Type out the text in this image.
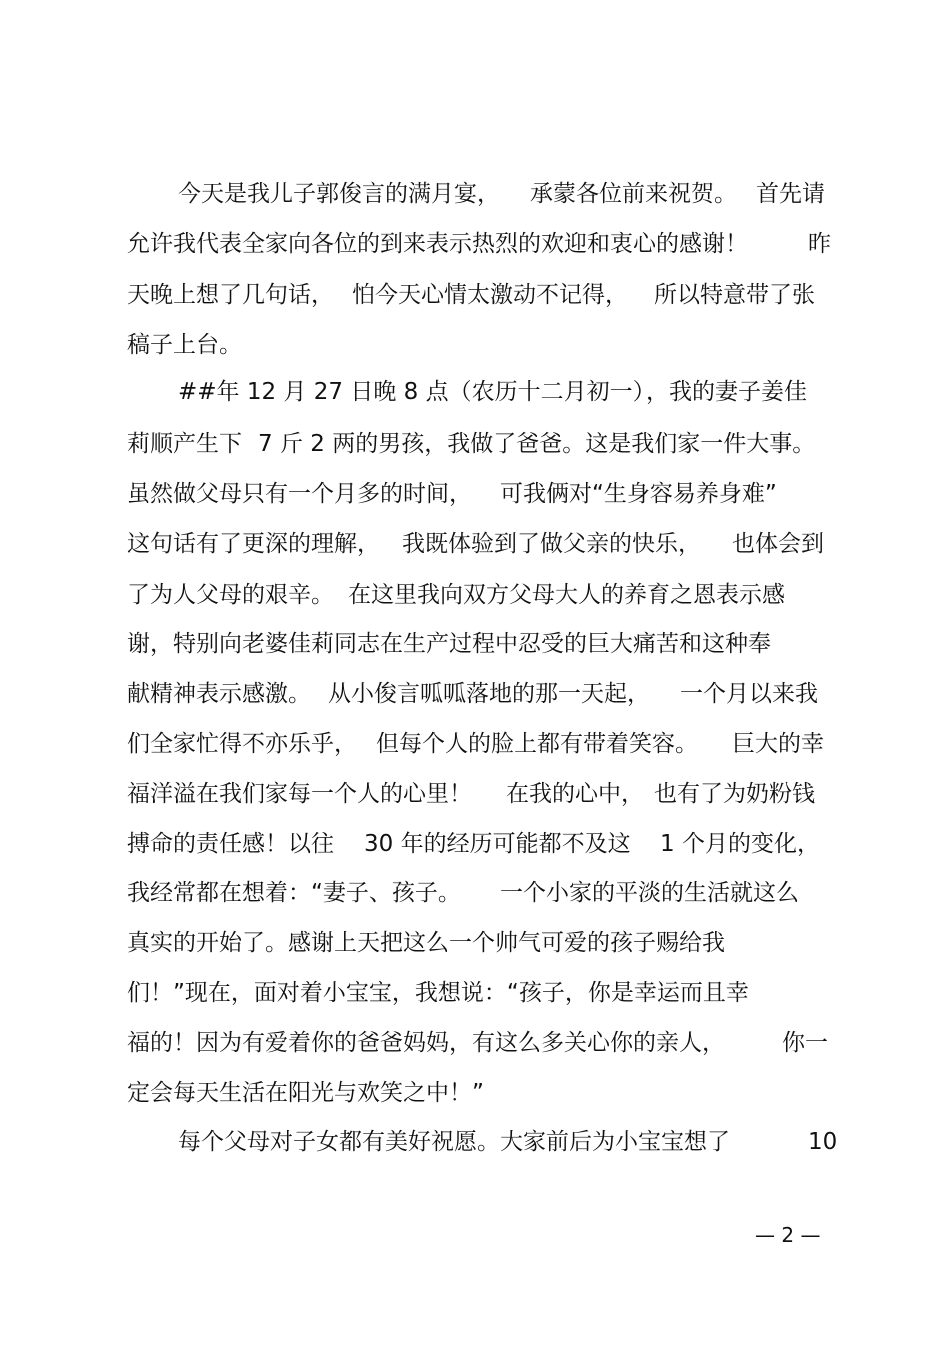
今天是我儿子郭俊言的满月宴，

承蒙各位前来祝贺。

首先请

允许我代表全家向各位的到来表示热烈的欢迎和衷心的感谢！

	昨

天晚上想了几句话，

怕今天心情太激动不记得，

所以特意带了张

稿子上台。

##年 12 月 27 日晚 8 点（农历十二月初一）

，我的妻子姜佳

莉顺产生下

7 斤 2 两的男孩，我做了爸爸。这是我们家一件大事。

虽然做父母只有一个月多的时间，

可我俩对“生身容易养身难”

这句话有了更深的理解，

我既体验到了做父亲的快乐，

也体会到

了为人父母的艰辛。

在这里我向双方父母大人的养育之恩表示感

谢，特别向老婆佳莉同志在生产过程中忍受的巨大痛苦和这种奉

献精神表示感激。

从小俊言呱呱落地的那一天起，

一个月以来我

们全家忙得不亦乐乎，

但每个人的脸上都有带着笑容。

巨大的幸

福洋溢在我们家每一个人的心里！

在我的心中，

也有了为奶粉钱

搏命的责任感！以往

30 年的经历可能都不及这

1 个月的变化，

我经常都在想着：“妻子、孩子。

一个小家的平淡的生活就这么

真实的开始了。感谢上天把这么一个帅气可爱的孩子赐给我

们！”现在，面对着小宝宝，我想说：“孩子，你是幸运而且幸

福的！因为有爱着你的爸爸妈妈，有这么多关心你的亲人，

你一

定会每天生活在阳光与欢笑之中！”

每个父母对子女都有美好祝愿。大家前后为小宝宝想了

	10

— 2 —
